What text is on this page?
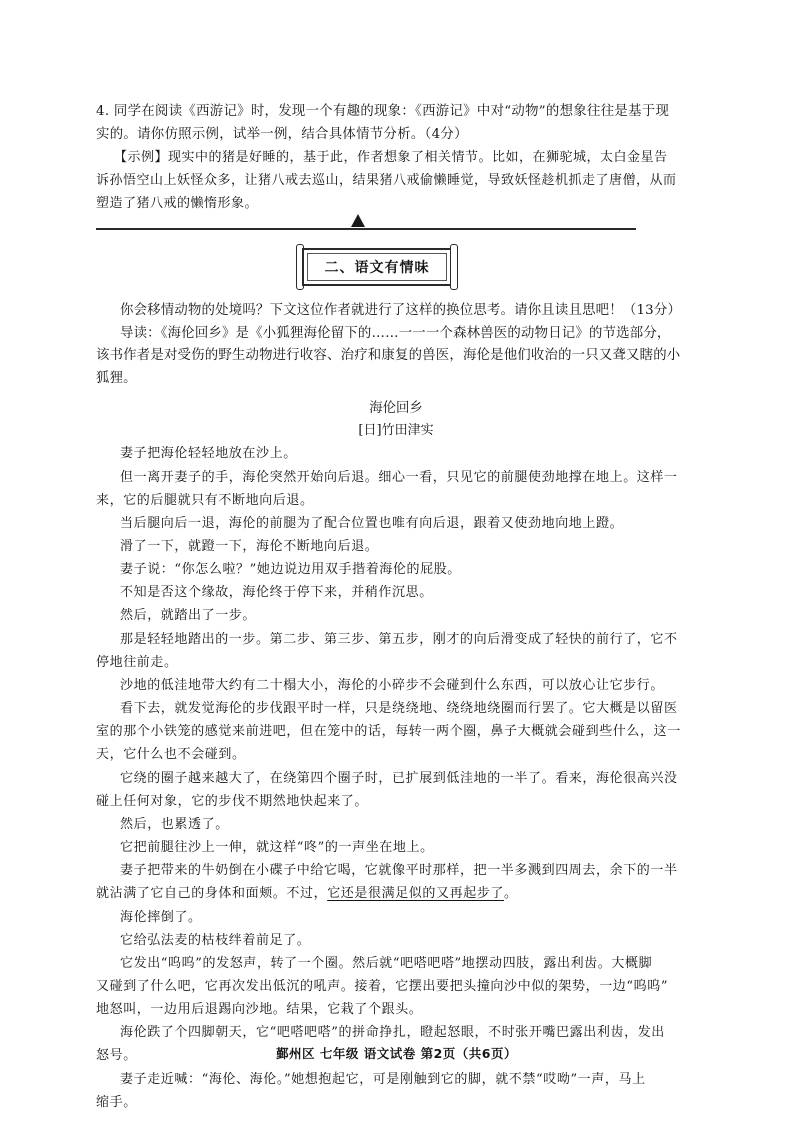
4. 同学在阅读《西游记》时，发现一个有趣的现象：《西游记》中对“动物”的想象往往是基于现
实的。请你仿照示例，试举一例，结合具体情节分析。（4分）
【示例】现实中的猪是好睡的，基于此，作者想象了相关情节。比如，在狮驼城，太白金星告
诉孙悟空山上妖怪众多，让猪八戒去巡山，结果猪八戒偷懒睡觉，导致妖怪趁机抓走了唐僧，从而
塑造了猪八戒的懒惰形象。
二、语文有情味
你会移情动物的处境吗？下文这位作者就进行了这样的换位思考。请你且读且思吧！（13分）
导读：《海伦回乡》是《小狐狸海伦留下的……一一一个森林兽医的动物日记》的节选部分，
该书作者是对受伤的野生动物进行收容、治疗和康复的兽医，海伦是他们收治的一只又聋又瞎的小
狐狸。
海伦回乡
[日]竹田津实
妻子把海伦轻轻地放在沙上。
但一离开妻子的手，海伦突然开始向后退。细心一看，只见它的前腿使劲地撑在地上。这样一
来，它的后腿就只有不断地向后退。
当后腿向后一退，海伦的前腿为了配合位置也唯有向后退，跟着又使劲地向地上蹬。
滑了一下，就蹬一下，海伦不断地向后退。
妻子说：“你怎么啦？”她边说边用双手揩着海伦的屁股。
不知是否这个缘故，海伦终于停下来，并稍作沉思。
然后，就踏出了一步。
那是轻轻地踏出的一步。第二步、第三步、第五步，刚才的向后滑变成了轻快的前行了，它不
停地往前走。
沙地的低洼地带大约有二十榻大小，海伦的小碎步不会碰到什么东西，可以放心让它步行。
看下去，就发觉海伦的步伐跟平时一样，只是绕绕地、绕绕地绕圈而行罢了。它大概是以留医
室的那个小铁笼的感觉来前进吧，但在笼中的话，每转一两个圈，鼻子大概就会碰到些什么，这一
天，它什么也不会碰到。
它绕的圈子越来越大了，在绕第四个圈子时，已扩展到低洼地的一半了。看来，海伦很高兴没
碰上任何对象，它的步伐不期然地快起来了。
然后，也累透了。
它把前腿往沙上一伸，就这样“咚”的一声坐在地上。
妻子把带来的牛奶倒在小碟子中给它喝，它就像平时那样，把一半多溅到四周去，余下的一半
就沾满了它自己的身体和面颊。不过，它还是很满足似的又再起步了。
海伦摔倒了。
它给弘法麦的枯枝绊着前足了。
它发出“呜呜”的发怒声，转了一个圈。然后就“吧嗒吧嗒”地摆动四肢，露出利齿。大概脚
又碰到了什么吧，它再次发出低沉的吼声。接着，它摆出要把头撞向沙中似的架势，一边“呜呜”
地怒叫，一边用后退踢向沙地。结果，它栽了个跟头。
海伦跌了个四脚朝天，它“吧嗒吧嗒”的拼命挣扎，瞪起怒眼，不时张开嘴巴露出利齿，发出
怒号。
妻子走近喊：“海伦、海伦。”她想抱起它，可是刚触到它的脚，就不禁“哎呦”一声，马上
缩手。
鄞州区 七年级 语文试卷 第2页（共6页）
